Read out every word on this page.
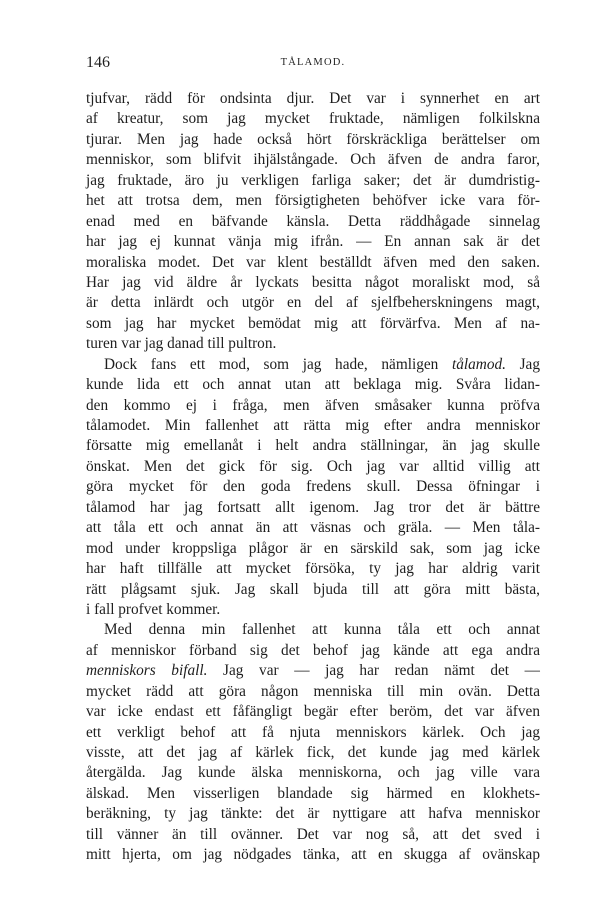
146	TÅLAMOD.
tjufvar, rädd för ondsinta djur. Det var i synnerhet en art
af kreatur, som jag mycket fruktade, nämligen folkilskna
tjurar. Men jag hade också hört förskräckliga berättelser om
menniskor, som blifvit ihjälstångade. Och äfven de andra faror,
jag fruktade, äro ju verkligen farliga saker; det är dumdristig-
het att trotsa dem, men försigtigheten behöfver icke vara för-
enad med en bäfvande känsla. Detta räddhågade sinnelag
har jag ej kunnat vänja mig ifrån. — En annan sak är det
moraliska modet. Det var klent beställdt äfven med den saken.
Har jag vid äldre år lyckats besitta något moraliskt mod, så
är detta inlärdt och utgör en del af sjelfbeherskningens magt,
som jag har mycket bemödat mig att förvärfva. Men af na-
turen var jag danad till pultron.
Dock fans ett mod, som jag hade, nämligen tålamod. Jag
kunde lida ett och annat utan att beklaga mig. Svåra lidan-
den kommo ej i fråga, men äfven småsaker kunna pröfva
tålamodet. Min fallenhet att rätta mig efter andra menniskor
försatte mig emellanåt i helt andra ställningar, än jag skulle
önskat. Men det gick för sig. Och jag var alltid villig att
göra mycket för den goda fredens skull. Dessa öfningar i
tålamod har jag fortsatt allt igenom. Jag tror det är bättre
att tåla ett och annat än att väsnas och gräla. — Men tåla-
mod under kroppsliga plågor är en särskild sak, som jag icke
har haft tillfälle att mycket försöka, ty jag har aldrig varit
rätt plågsamt sjuk. Jag skall bjuda till att göra mitt bästa,
i fall profvet kommer.
Med denna min fallenhet att kunna tåla ett och annat
af menniskor förband sig det behof jag kände att ega andra
menniskors bifall. Jag var — jag har redan nämt det —
mycket rädd att göra någon menniska till min ovän. Detta
var icke endast ett fåfängligt begär efter beröm, det var äfven
ett verkligt behof att få njuta menniskors kärlek. Och jag
visste, att det jag af kärlek fick, det kunde jag med kärlek
återgälda. Jag kunde älska menniskorna, och jag ville vara
älskad. Men visserligen blandade sig härmed en klokhets-
beräkning, ty jag tänkte: det är nyttigare att hafva menniskor
till vänner än till ovänner. Det var nog så, att det sved i
mitt hjerta, om jag nödgades tänka, att en skugga af ovänskap
